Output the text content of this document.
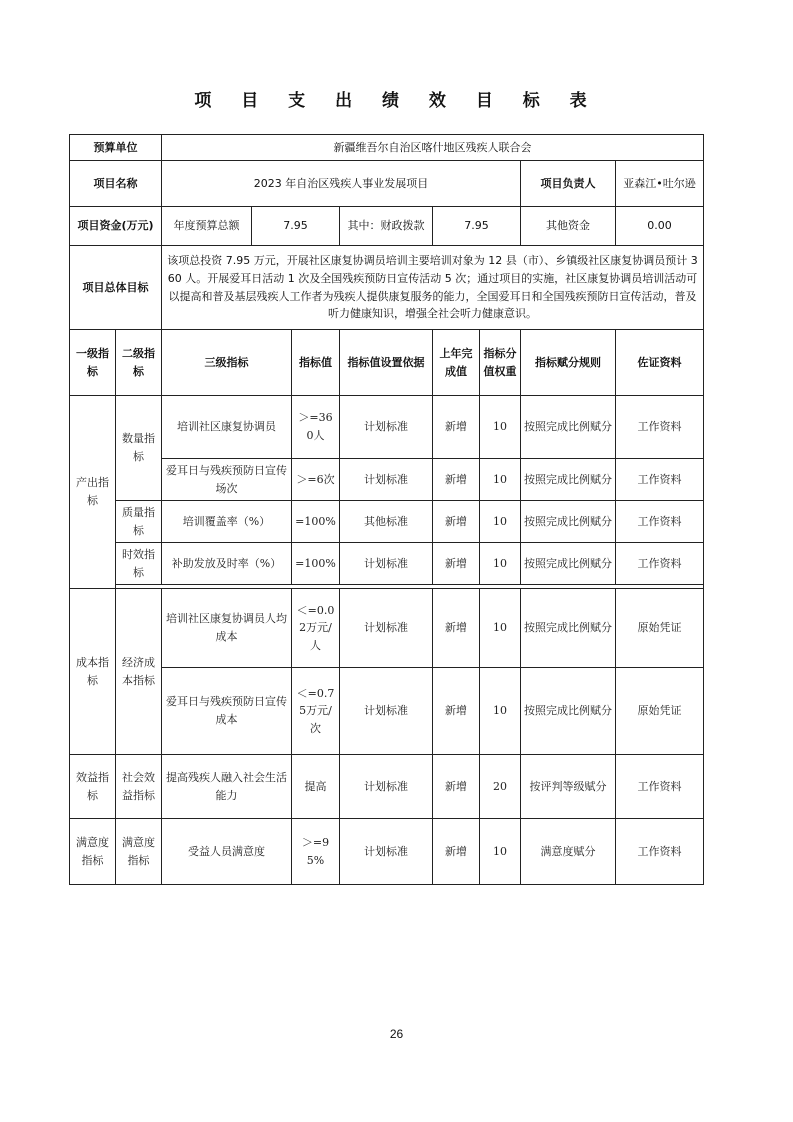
项 目 支 出 绩 效 目 标 表
预算单位		新疆维吾尔自治区喀什地区残疾人联合会							
项目名称		2023 年自治区残疾人事业发展项目						项目负责人	亚森江•吐尔逊
项目资金(万元)		年度预算总额	7.95		其中：财政拨款	7.95		其他资金	0.00
项目总体目标		该项总投资 7.95 万元，开展社区康复协调员培训主要培训对象为 12 县（市）、乡镇级社区康复协调员预计 360 人。开展爱耳日活动 1 次及全国残疾预防日宣传活动 5 次；通过项目的实施，社区康复协调员培训活动可以提高和普及基层残疾人工作者为残疾人提供康复服务的能力，全国爱耳日和全国残疾预防日宣传活动，普及听力健康知识，增强全社会听力健康意识。							
一级指标	二级指标	三级指标		指标值	指标值设置依据	上年完成值	指标分值权重	指标赋分规则	佐证资料
产出指标	数量指标	培训社区康复协调员		＞=360人	计划标准	新增	10	按照完成比例赋分	工作资料
		爱耳日与残疾预防日宣传场次		＞=6次	计划标准	新增	10	按照完成比例赋分	工作资料
	质量指标	培训覆盖率（%）		=100%	其他标准	新增	10	按照完成比例赋分	工作资料
	时效指标	补助发放及时率（%）		=100%	计划标准	新增	10	按照完成比例赋分	工作资料

成本指标	经济成本指标	培训社区康复协调员人均成本		＜=0.02万元/人	计划标准	新增	10	按照完成比例赋分	原始凭证
		爱耳日与残疾预防日宣传成本		＜=0.75万元/次	计划标准	新增	10	按照完成比例赋分	原始凭证
效益指标	社会效益指标	提高残疾人融入社会生活能力		提高	计划标准	新增	20	按评判等级赋分	工作资料
满意度指标	满意度指标	受益人员满意度		＞=95%	计划标准	新增	10	满意度赋分	工作资料
26
